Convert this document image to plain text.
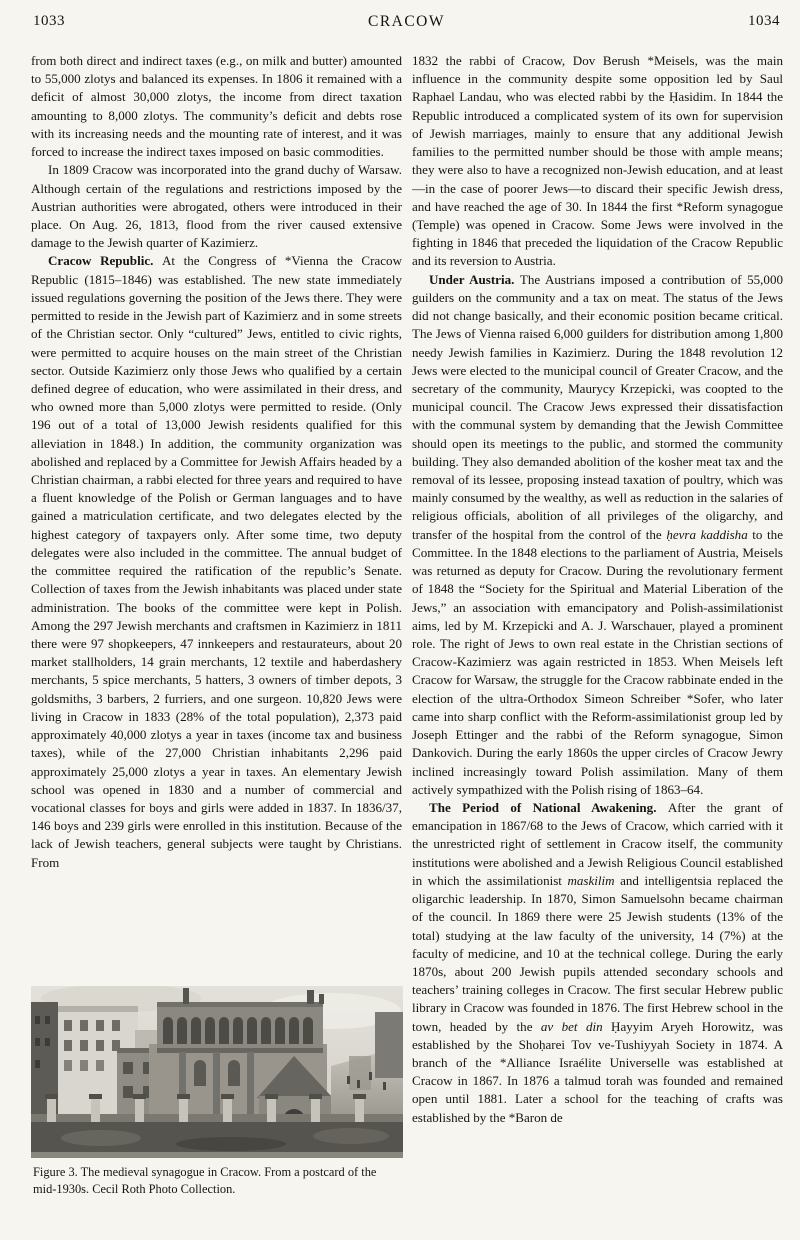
1033	CRACOW	1034

from both direct and indirect taxes (e.g., on milk and butter) amounted to 55,000 zlotys and balanced its expenses. In 1806 it remained with a deficit of almost 30,000 zlotys, the income from direct taxation amounting to 8,000 zlotys. The community’s deficit and debts rose with its increasing needs and the mounting rate of interest, and it was forced to increase the indirect taxes imposed on basic commodities.

In 1809 Cracow was incorporated into the grand duchy of Warsaw. Although certain of the regulations and restrictions imposed by the Austrian authorities were abrogated, others were introduced in their place. On Aug. 26, 1813, flood from the river caused extensive damage to the Jewish quarter of Kazimierz.

Cracow Republic. At the Congress of *Vienna the Cracow Republic (1815–1846) was established. The new state immediately issued regulations governing the position of the Jews there. They were permitted to reside in the Jewish part of Kazimierz and in some streets of the Christian sector. Only “cultured” Jews, entitled to civic rights, were permitted to acquire houses on the main street of the Christian sector. Outside Kazimierz only those Jews who qualified by a certain defined degree of education, who were assimilated in their dress, and who owned more than 5,000 zlotys were permitted to reside. (Only 196 out of a total of 13,000 Jewish residents qualified for this alleviation in 1848.) In addition, the community organization was abolished and replaced by a Committee for Jewish Affairs headed by a Christian chairman, a rabbi elected for three years and required to have a fluent knowledge of the Polish or German languages and to have gained a matriculation certificate, and two delegates elected by the highest category of taxpayers only. After some time, two deputy delegates were also included in the committee. The annual budget of the committee required the ratification of the republic’s Senate. Collection of taxes from the Jewish inhabitants was placed under state administration. The books of the committee were kept in Polish. Among the 297 Jewish merchants and craftsmen in Kazimierz in 1811 there were 97 shopkeepers, 47 innkeepers and restaurateurs, about 20 market stallholders, 14 grain merchants, 12 textile and haberdashery merchants, 5 spice merchants, 5 hatters, 3 owners of timber depots, 3 goldsmiths, 3 barbers, 2 furriers, and one surgeon. 10,820 Jews were living in Cracow in 1833 (28% of the total population), 2,373 paid approximately 40,000 zlotys a year in taxes (income tax and business taxes), while of the 27,000 Christian inhabitants 2,296 paid approximately 25,000 zlotys a year in taxes. An elementary Jewish school was opened in 1830 and a number of commercial and vocational classes for boys and girls were added in 1837. In 1836/37, 146 boys and 239 girls were enrolled in this institution. Because of the lack of Jewish teachers, general subjects were taught by Christians. From

Figure 3. The medieval synagogue in Cracow. From a postcard of the mid-1930s. Cecil Roth Photo Collection.

1832 the rabbi of Cracow, Dov Berush *Meisels, was the main influence in the community despite some opposition led by Saul Raphael Landau, who was elected rabbi by the Ḥasidim. In 1844 the Republic introduced a complicated system of its own for supervision of Jewish marriages, mainly to ensure that any additional Jewish families to the permitted number should be those with ample means; they were also to have a recognized non-Jewish education, and at least—in the case of poorer Jews—to discard their specific Jewish dress, and have reached the age of 30. In 1844 the first *Reform synagogue (Temple) was opened in Cracow. Some Jews were involved in the fighting in 1846 that preceded the liquidation of the Cracow Republic and its reversion to Austria.

Under Austria. The Austrians imposed a contribution of 55,000 guilders on the community and a tax on meat. The status of the Jews did not change basically, and their economic position became critical. The Jews of Vienna raised 6,000 guilders for distribution among 1,800 needy Jewish families in Kazimierz. During the 1848 revolution 12 Jews were elected to the municipal council of Greater Cracow, and the secretary of the community, Maurycy Krzepicki, was coopted to the municipal council. The Cracow Jews expressed their dissatisfaction with the communal system by demanding that the Jewish Committee should open its meetings to the public, and stormed the community building. They also demanded abolition of the kosher meat tax and the removal of its lessee, proposing instead taxation of poultry, which was mainly consumed by the wealthy, as well as reduction in the salaries of religious officials, abolition of all privileges of the oligarchy, and transfer of the hospital from the control of the ḥevra kaddisha to the Committee. In the 1848 elections to the parliament of Austria, Meisels was returned as deputy for Cracow. During the revolutionary ferment of 1848 the “Society for the Spiritual and Material Liberation of the Jews,” an association with emancipatory and Polish-assimilationist aims, led by M. Krzepicki and A. J. Warschauer, played a prominent role. The right of Jews to own real estate in the Christian sections of Cracow-Kazimierz was again restricted in 1853. When Meisels left Cracow for Warsaw, the struggle for the Cracow rabbinate ended in the election of the ultra-Orthodox Simeon Schreiber *Sofer, who later came into sharp conflict with the Reform-assimilationist group led by Joseph Ettinger and the rabbi of the Reform synagogue, Simon Dankovich. During the early 1860s the upper circles of Cracow Jewry inclined increasingly toward Polish assimilation. Many of them actively sympathized with the Polish rising of 1863–64.

The Period of National Awakening. After the grant of emancipation in 1867/68 to the Jews of Cracow, which carried with it the unrestricted right of settlement in Cracow itself, the community institutions were abolished and a Jewish Religious Council established in which the assimilationist maskilim and intelligentsia replaced the oligarchic leadership. In 1870, Simon Samuelsohn became chairman of the council. In 1869 there were 25 Jewish students (13% of the total) studying at the law faculty of the university, 14 (7%) at the faculty of medicine, and 10 at the technical college. During the early 1870s, about 200 Jewish pupils attended secondary schools and teachers’ training colleges in Cracow. The first secular Hebrew public library in Cracow was founded in 1876. The first Hebrew school in the town, headed by the av bet din Ḥayyim Aryeh Horowitz, was established by the Shoḥarei Tov ve-Tushiyyah Society in 1874. A branch of the *Alliance Israélite Universelle was established at Cracow in 1867. In 1876 a talmud torah was founded and remained open until 1881. Later a school for the teaching of crafts was established by the *Baron de
